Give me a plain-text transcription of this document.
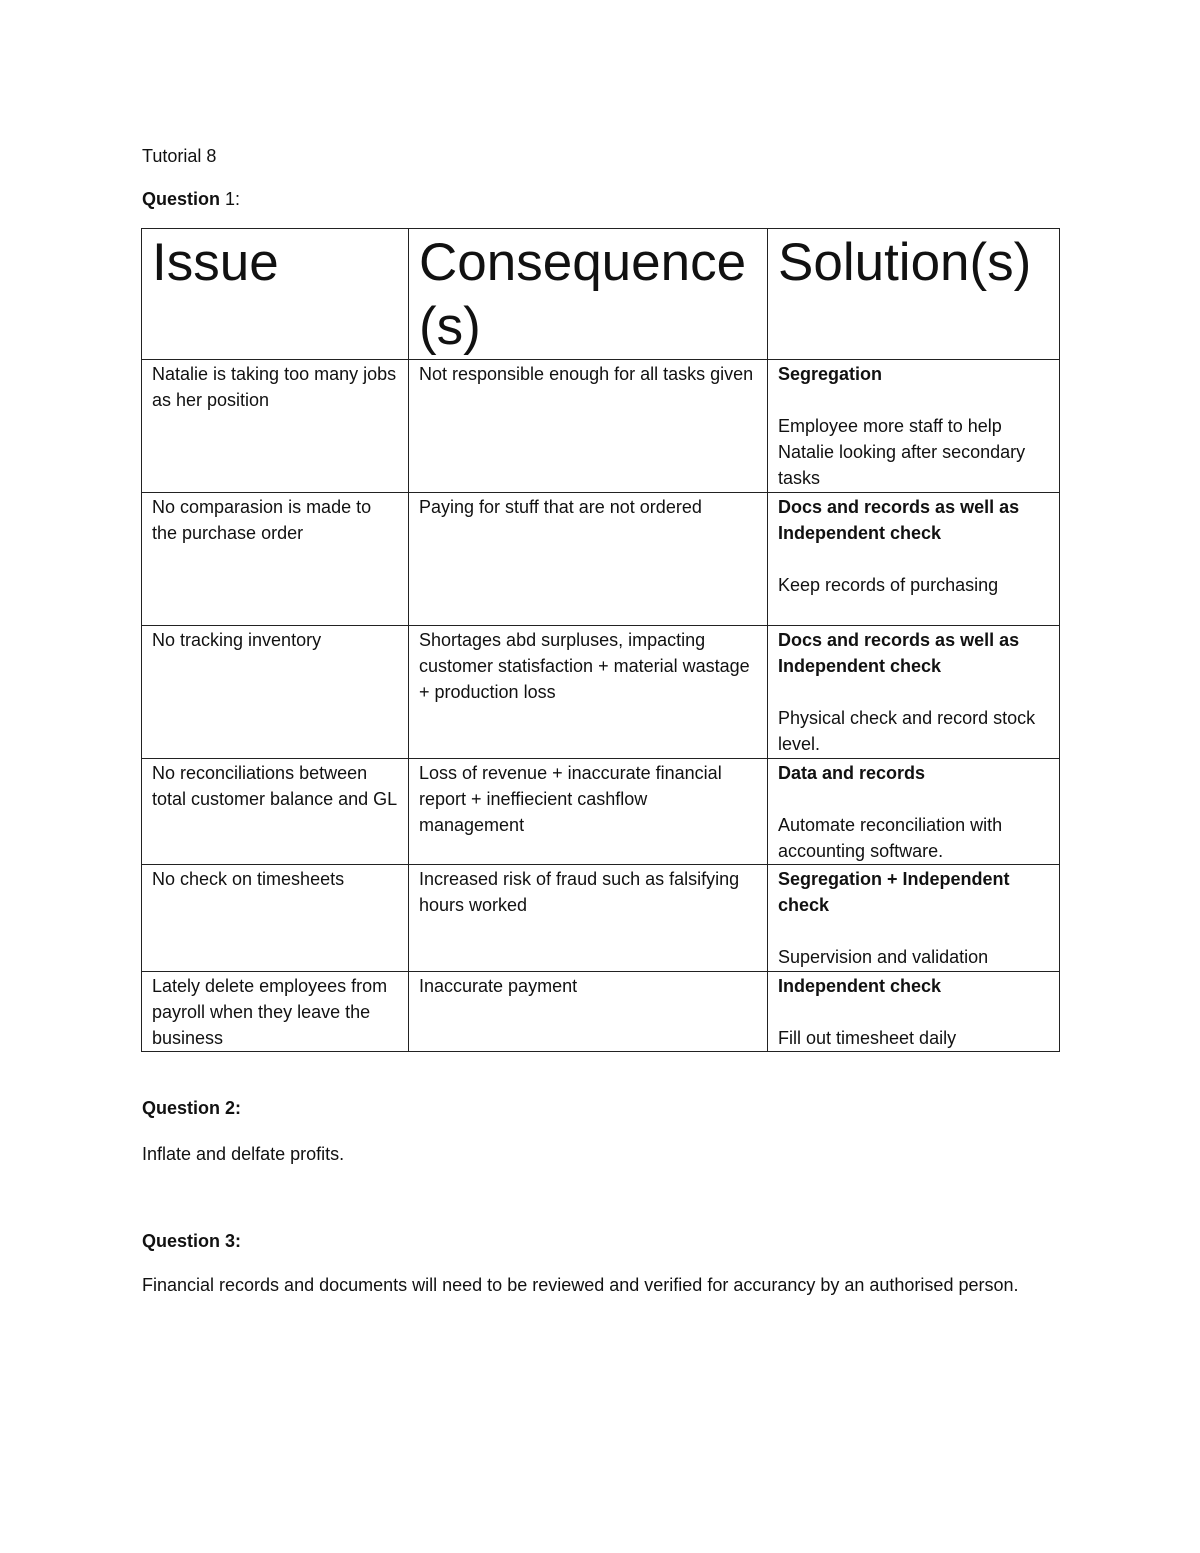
Tutorial 8
Question 1:
Issue	Consequence(s)	Solution(s)
Natalie is taking too many jobs as her position	Not responsible enough for all tasks given	Segregation
Employee more staff to help Natalie looking after secondary tasks

No comparasion is made to the purchase order	Paying for stuff that are not ordered	Docs and records as well as Independent check
Keep records of purchasing

No tracking inventory	Shortages abd surpluses, impacting customer statisfaction + material wastage + production loss	Docs and records as well as Independent check
Physical check and record stock level.

No reconciliations between total customer balance and GL	Loss of revenue + inaccurate financial report + ineffiecient cashflow management	Data and records
Automate reconciliation with accounting software.

No check on timesheets	Increased risk of fraud such as falsifying hours worked	Segregation + Independent check
Supervision and validation

Lately delete employees from payroll when they leave the business	Inaccurate payment	Independent check
Fill out timesheet daily
Question 2:
Inflate and delfate profits.
Question 3:
Financial records and documents will need to be reviewed and verified for accurancy by an authorised person.
